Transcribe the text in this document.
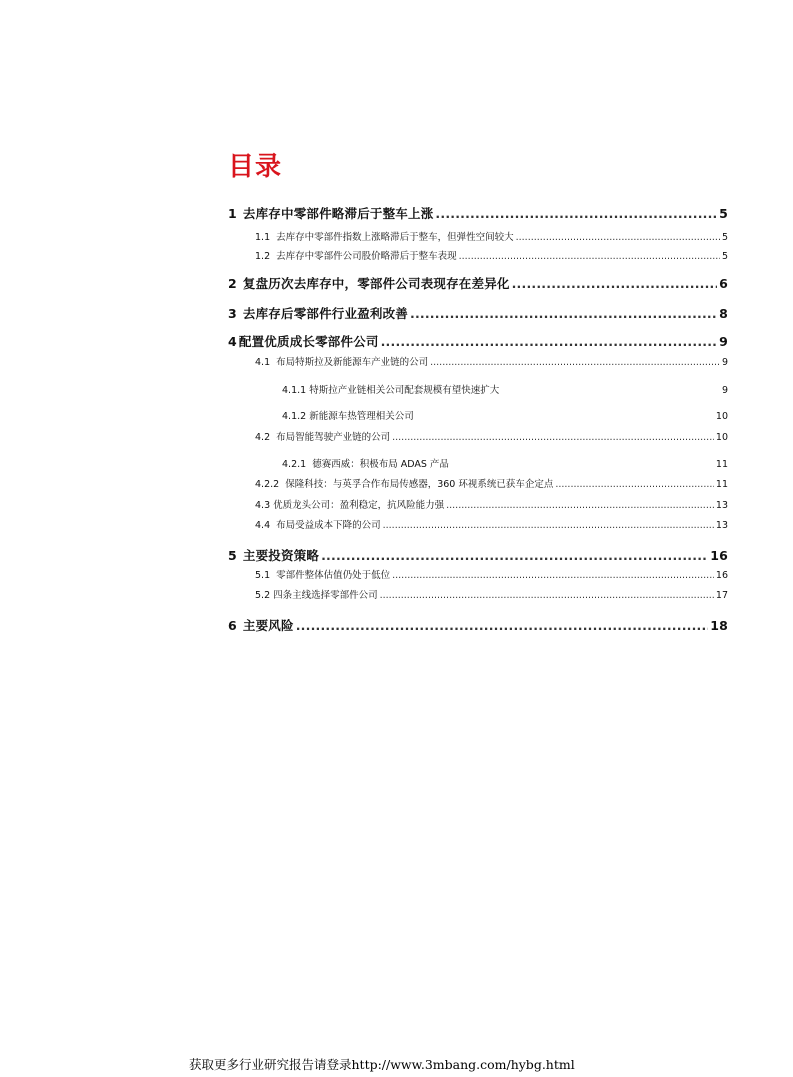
目录
1 去库存中零部件略滞后于整车上涨 .....	5
1.1 去库存中零部件指数上涨略滞后于整车，但弹性空间较大 .....	5
1.2 去库存中零部件公司股价略滞后于整车表现 .....	5
2 复盘历次去库存中，零部件公司表现存在差异化 .....	6
3 去库存后零部件行业盈利改善 .....	8
4 配置优质成长零部件公司 .....	9
4.1 布局特斯拉及新能源车产业链的公司 .....	9
4.1.1 特斯拉产业链相关公司配套规模有望快速扩大	9
4.1.2 新能源车热管理相关公司	10
4.2 布局智能驾驶产业链的公司 .....	10
4.2.1 德赛西威：积极布局 ADAS 产品	11
4.2.2 保隆科技：与英孚合作布局传感器，360 环视系统已获车企定点 .....	11
4.3 优质龙头公司：盈利稳定，抗风险能力强 .....	13
4.4 布局受益成本下降的公司 .....	13
5 主要投资策略 .....	16
5.1 零部件整体估值仍处于低位 .....	16
5.2 四条主线选择零部件公司 .....	17
6 主要风险 .....	18
获取更多行业研究报告请登录http://www.3mbang.com/hybg.html
